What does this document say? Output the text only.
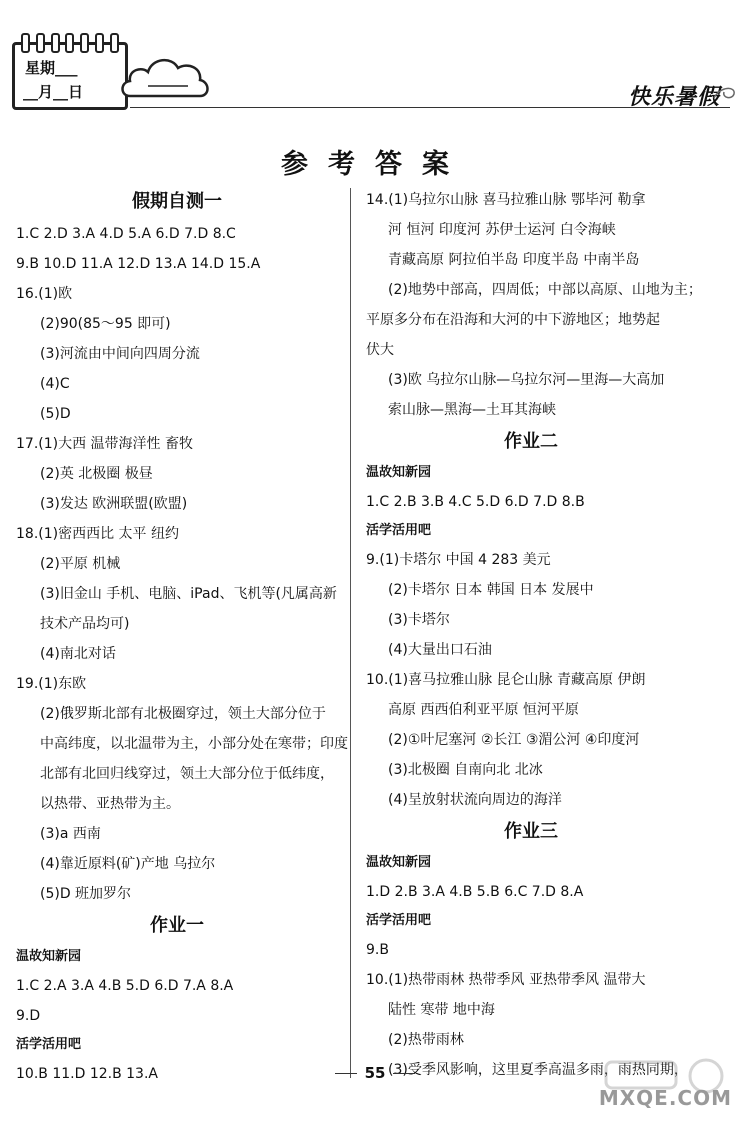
星期___
__月__日	快乐暑假
参考答案
假期自测一
1.C 2.D 3.A 4.D 5.A 6.D 7.D 8.C
9.B 10.D 11.A 12.D 13.A 14.D 15.A
16.(1)欧
(2)90(85～95 即可)
(3)河流由中间向四周分流
(4)C
(5)D
17.(1)大西 温带海洋性 畜牧
(2)英 北极圈 极昼
(3)发达 欧洲联盟(欧盟)
18.(1)密西西比 太平 纽约
(2)平原 机械
(3)旧金山 手机、电脑、iPad、飞机等(凡属高新
技术产品均可)
(4)南北对话
19.(1)东欧
(2)俄罗斯北部有北极圈穿过，领土大部分位于
中高纬度，以北温带为主，小部分处在寒带；印度
北部有北回归线穿过，领土大部分位于低纬度，
以热带、亚热带为主。
(3)a 西南
(4)靠近原料(矿)产地 乌拉尔
(5)D 班加罗尔
作业一
温故知新园
1.C 2.A 3.A 4.B 5.D 6.D 7.A 8.A
9.D
活学活用吧
10.B 11.D 12.B 13.A
14.(1)乌拉尔山脉 喜马拉雅山脉 鄂毕河 勒拿
河 恒河 印度河 苏伊士运河 白令海峡
青藏高原 阿拉伯半岛 印度半岛 中南半岛
(2)地势中部高，四周低；中部以高原、山地为主；
平原多分布在沿海和大河的中下游地区；地势起
伏大
(3)欧 乌拉尔山脉—乌拉尔河—里海—大高加
索山脉—黑海—土耳其海峡
作业二
温故知新园
1.C 2.B 3.B 4.C 5.D 6.D 7.D 8.B
活学活用吧
9.(1)卡塔尔 中国 4 283 美元
(2)卡塔尔 日本 韩国 日本 发展中
(3)卡塔尔
(4)大量出口石油
10.(1)喜马拉雅山脉 昆仑山脉 青藏高原 伊朗
高原 西西伯利亚平原 恒河平原
(2)①叶尼塞河 ②长江 ③湄公河 ④印度河
(3)北极圈 自南向北 北冰
(4)呈放射状流向周边的海洋
作业三
温故知新园
1.D 2.B 3.A 4.B 5.B 6.C 7.D 8.A
活学活用吧
9.B
10.(1)热带雨林 热带季风 亚热带季风 温带大
陆性 寒带 地中海
(2)热带雨林
(3)受季风影响，这里夏季高温多雨，雨热同期，
55
MXQE.COM
